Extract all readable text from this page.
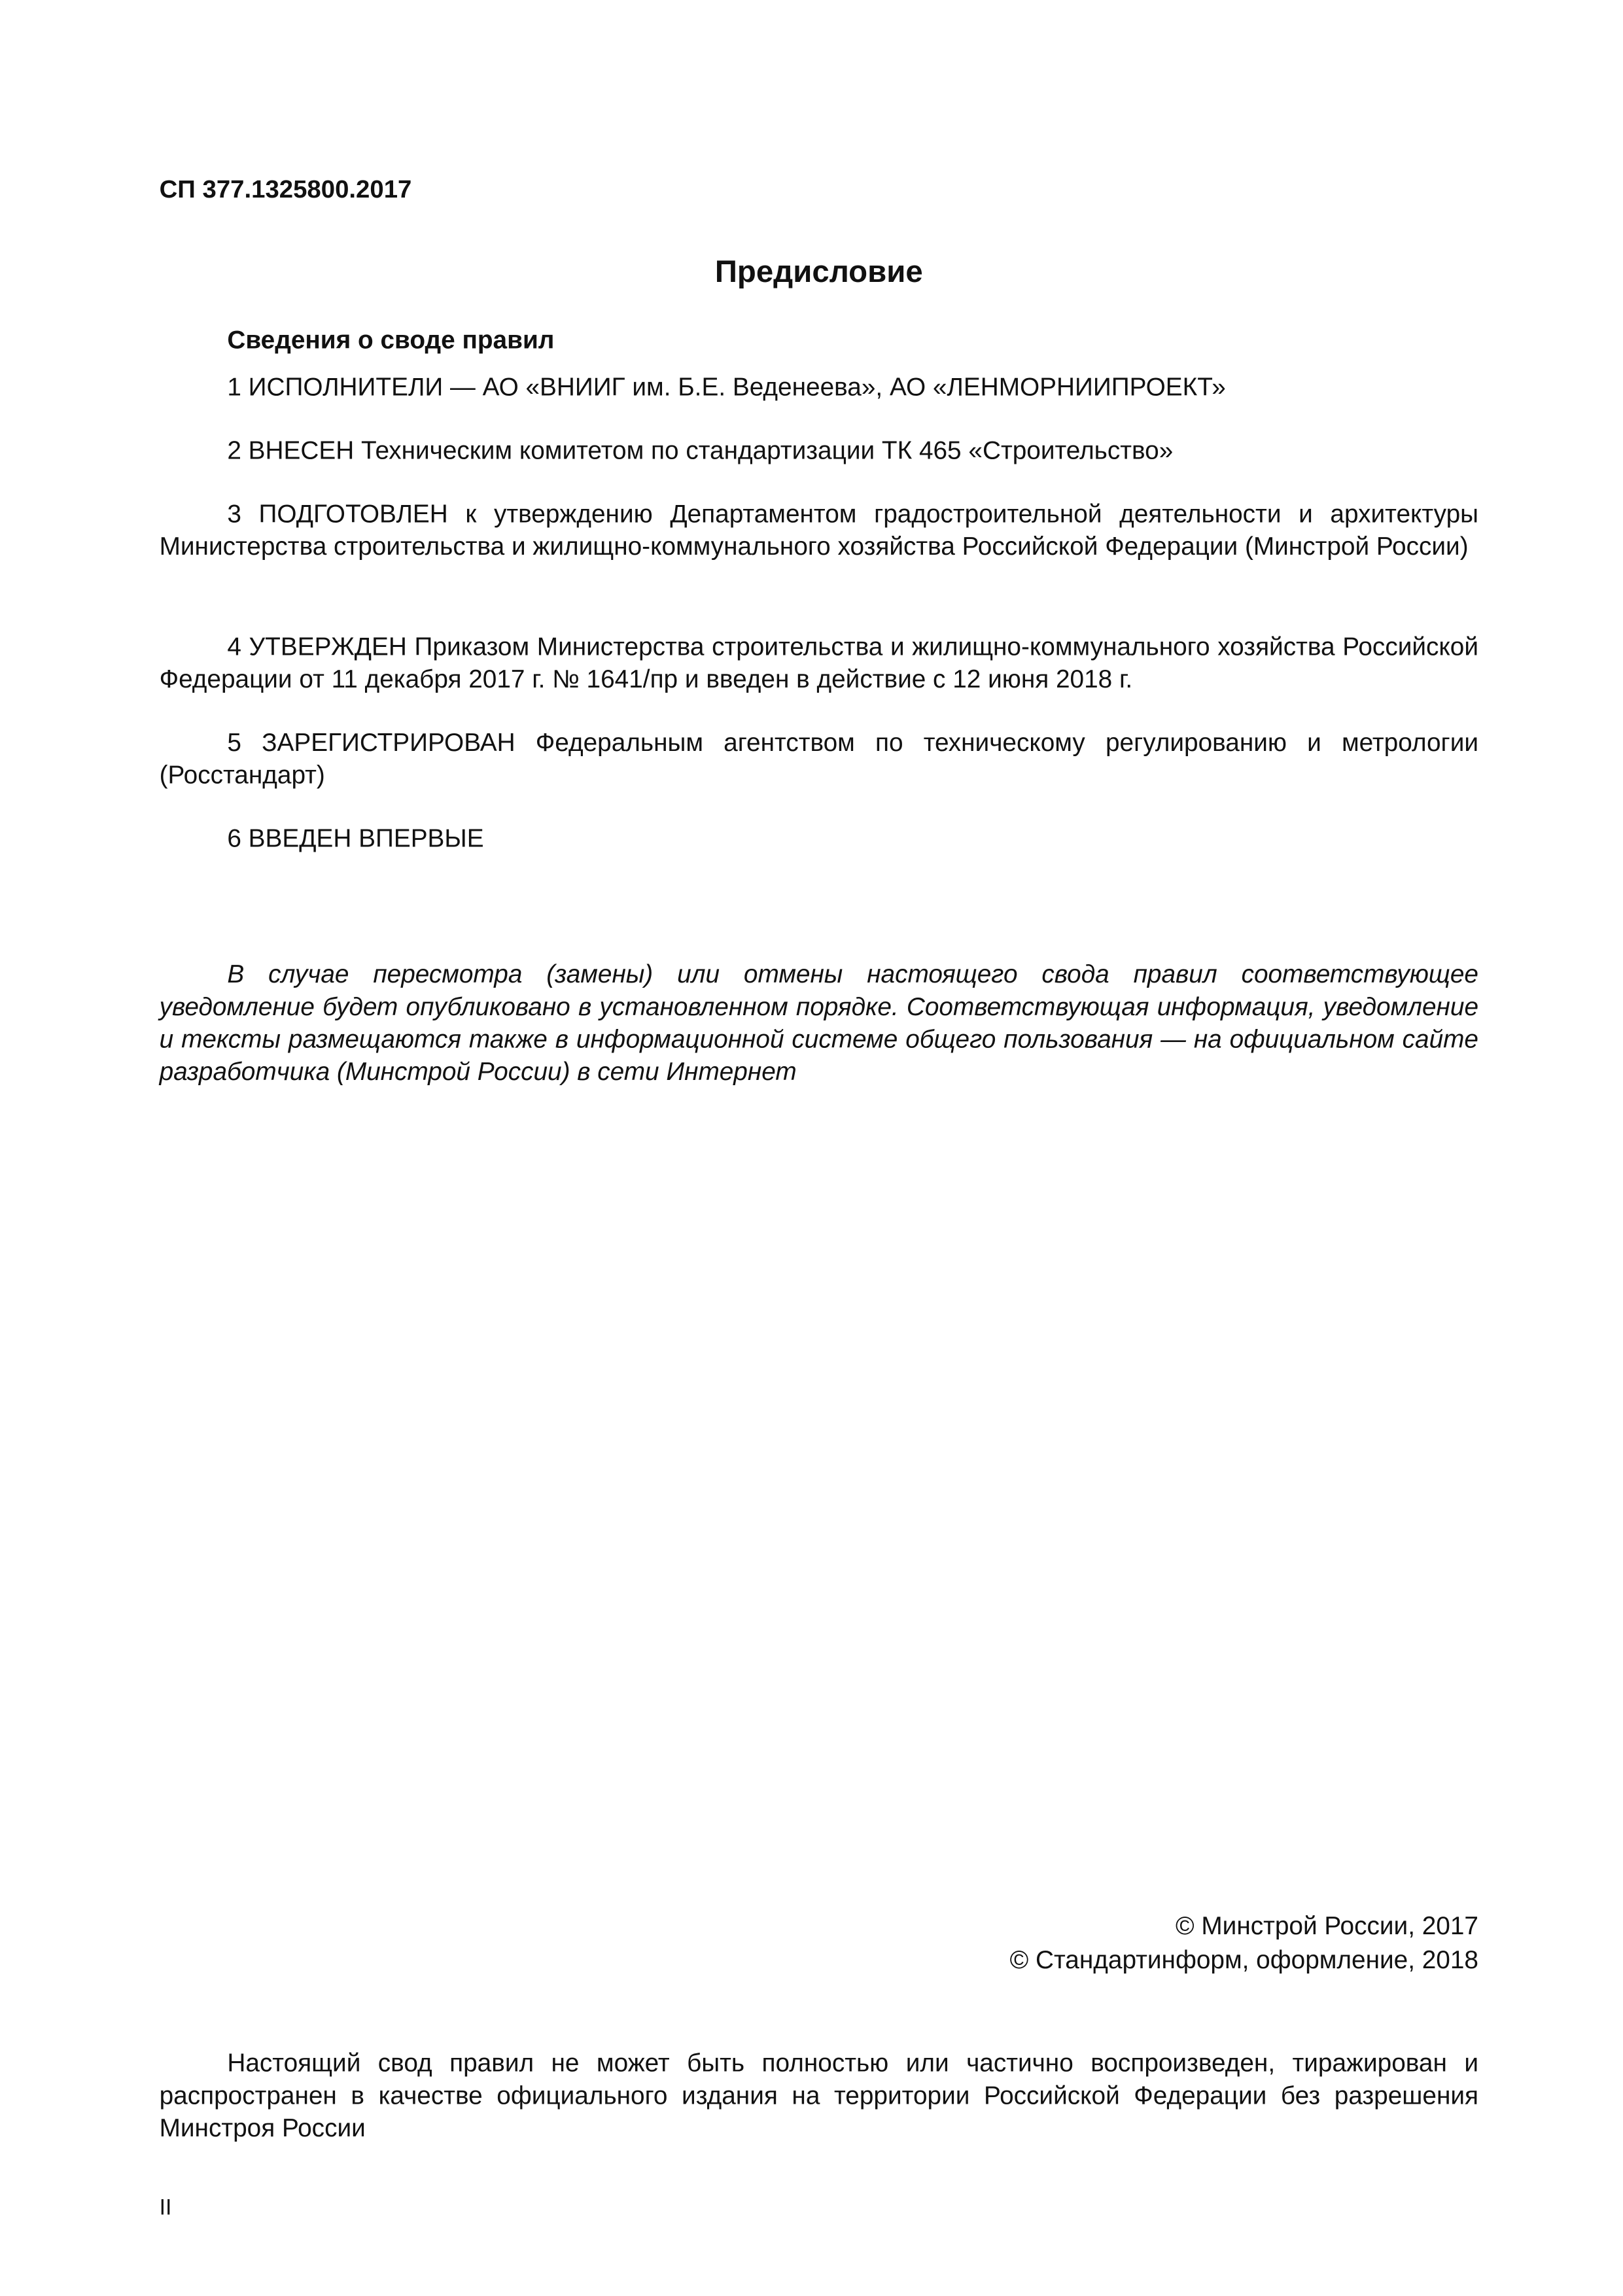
СП 377.1325800.2017
Предисловие
Сведения о своде правил
1 ИСПОЛНИТЕЛИ — АО «ВНИИГ им. Б.Е. Веденеева», АО «ЛЕНМОРНИИПРОЕКТ»
2 ВНЕСЕН Техническим комитетом по стандартизации ТК 465 «Строительство»
3 ПОДГОТОВЛЕН к утверждению Департаментом градостроительной деятельности и архитектуры Министерства строительства и жилищно-коммунального хозяйства Российской Федерации (Минстрой России)
4 УТВЕРЖДЕН Приказом Министерства строительства и жилищно-коммунального хозяйства Российской Федерации от 11 декабря 2017 г. № 1641/пр и введен в действие с 12 июня 2018 г.
5 ЗАРЕГИСТРИРОВАН Федеральным агентством по техническому регулированию и метрологии (Росстандарт)
6 ВВЕДЕН ВПЕРВЫЕ
В случае пересмотра (замены) или отмены настоящего свода правил соответствующее уведомление будет опубликовано в установленном порядке. Соответствующая информация, уведомление и тексты размещаются также в информационной системе общего пользования — на официальном сайте разработчика (Минстрой России) в сети Интернет
© Минстрой России, 2017
© Стандартинформ, оформление, 2018
Настоящий свод правил не может быть полностью или частично воспроизведен, тиражирован и распространен в качестве официального издания на территории Российской Федерации без разрешения Минстроя России
II
